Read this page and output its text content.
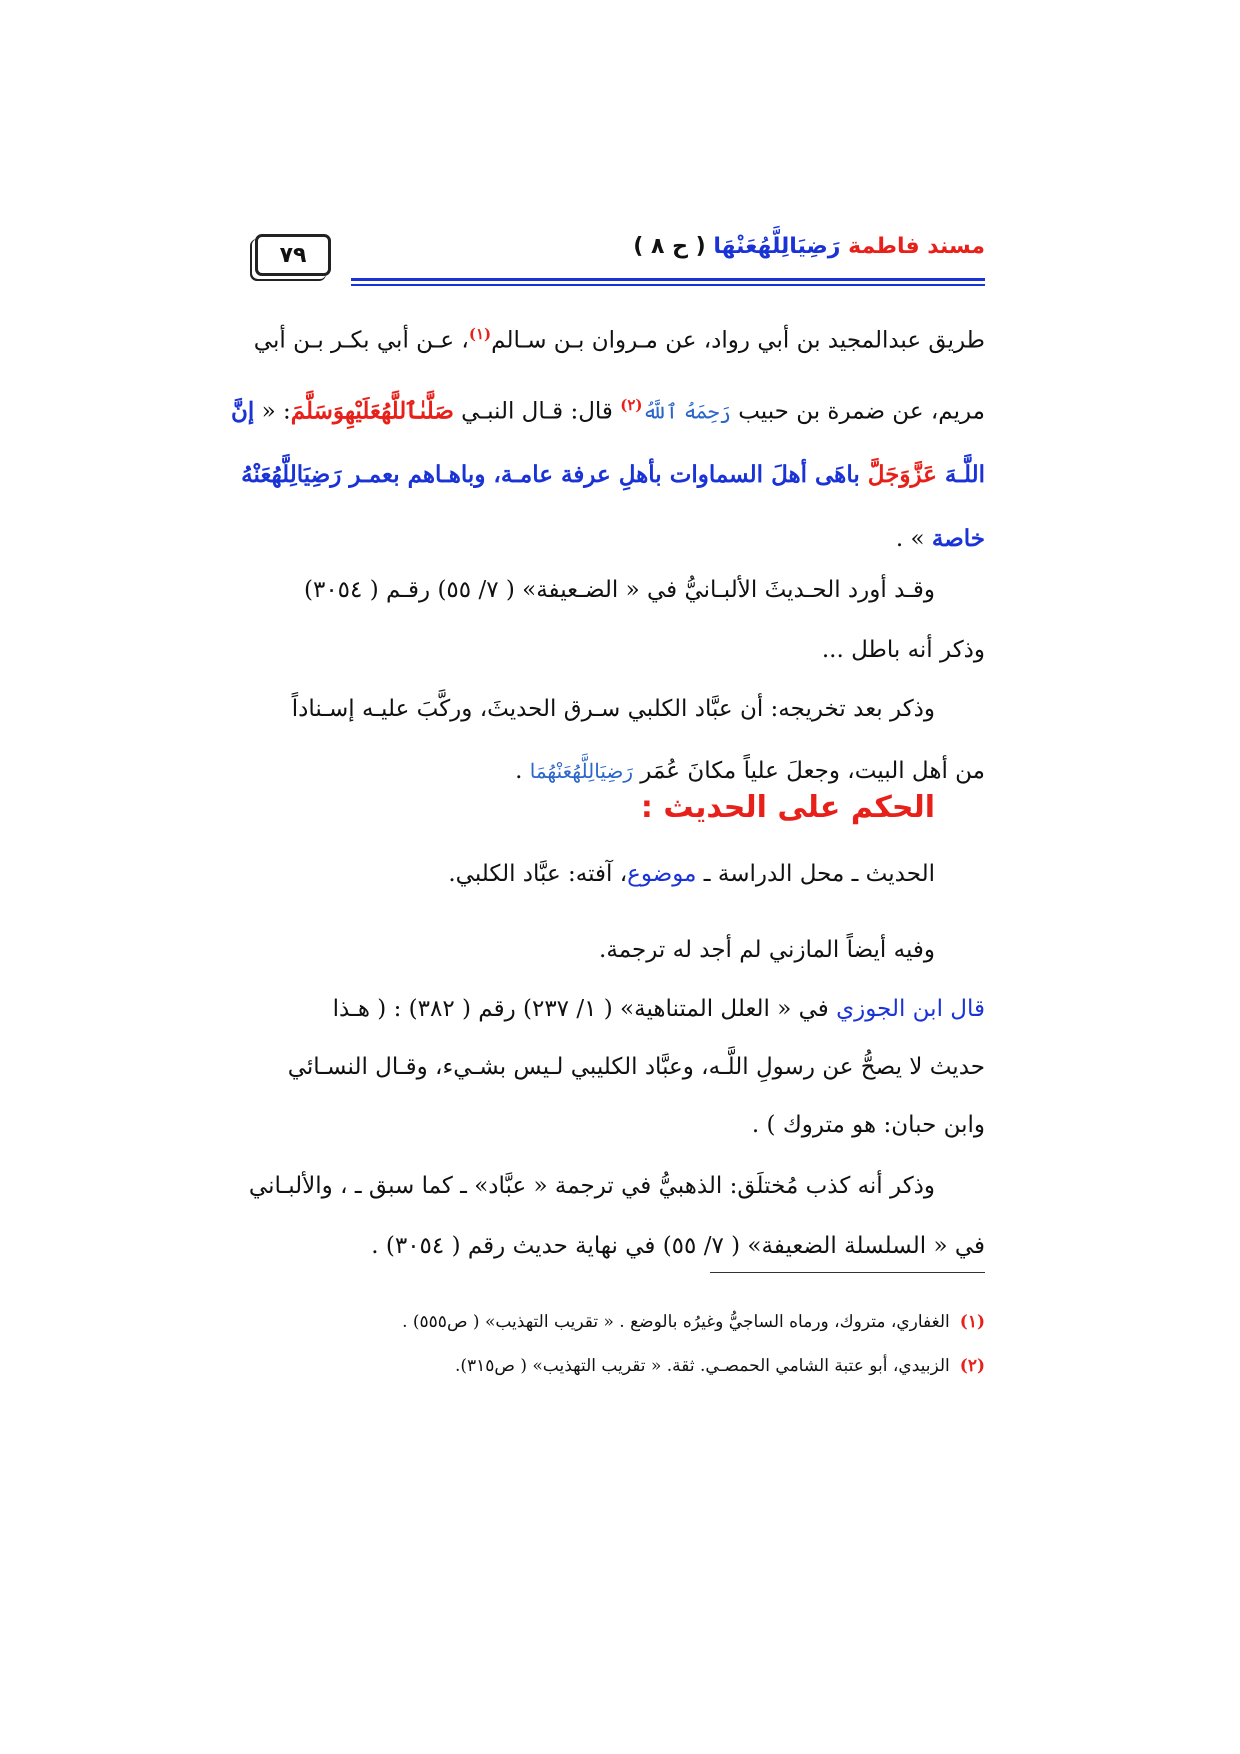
٧٩	مسند فاطمة رَضِيَالِلَّهُعَنْهَا ( ح ٨ )
طريق عبدالمجيد بن أبي رواد، عن مـروان بـن سـالم$^{(١)}$، عـن أبي بكـر بـن أبي
مريم، عن ضمرة بن حبيب رَحِمَهُ ٱللَّهُ$^{(٢)}$ قال: قـال النبـي صَلَّىٰٱللَّهُعَلَيْهِوَسَلَّمَ: « إنَّ
اللَّـهَ عَزَّوَجَلَّ باهَى أهلَ السماوات بأهلِ عرفة عامـة، وباهـاهم بعمـر رَضِيَالِلَّهُعَنْهُ
خاصة » .
وقـد أورد الحـديثَ الألبـانيُّ في « الضـعيفة» ( ٧/ ٥٥) رقـم ( ٣٠٥٤)
وذكر أنه باطل ...
وذكر بعد تخريجه: أن عبَّاد الكلبي سـرق الحديثَ، وركَّبَ عليـه إسـناداً
من أهل البيت، وجعلَ علياً مكانَ عُمَر رَضِيَالِلَّهُعَنْهُمَا .
الحكم على الحديث :
الحديث ـ محل الدراسة ـ موضوع، آفته: عبَّاد الكلبي.
وفيه أيضاً المازني لم أجد له ترجمة.
قال ابن الجوزي في « العلل المتناهية» ( ١/ ٢٣٧) رقم ( ٣٨٢) : ( هـذا
حديث لا يصحُّ عن رسولِ اللَّـه، وعبَّاد الكليبي لـيس بشـيء، وقـال النسـائي
وابن حبان: هو متروك ) .
وذكر أنه كذب مُختلَق: الذهبيُّ في ترجمة « عبَّاد» ـ كما سبق ـ ، والألبـاني
في « السلسلة الضعيفة» ( ٧/ ٥٥) في نهاية حديث رقم ( ٣٠٥٤) .
(١)الغفاري، متروك، ورماه الساجيُّ وغيرُه بالوضع . « تقريب التهذيب» ( ص٥٥٥) .
(٢)الزبيدي، أبو عتبة الشامي الحمصـي. ثقة. « تقريب التهذيب» ( ص٣١٥).
